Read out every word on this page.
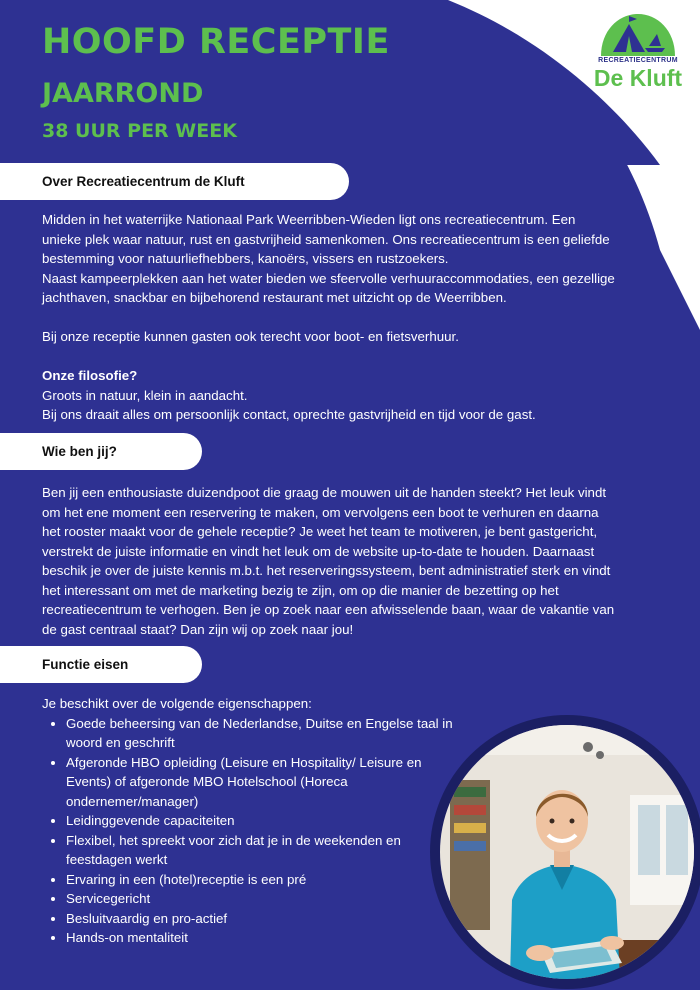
HOOFD RECEPTIE
JAARROND
38 UUR PER WEEK
RECREATIECENTRUM
De Kluft
Over Recreatiecentrum de Kluft

Midden in het waterrijke Nationaal Park Weerribben-Wieden ligt ons recreatiecentrum. Een

unieke plek waar natuur, rust en gastvrijheid samenkomen. Ons recreatiecentrum is een geliefde

bestemming voor natuurliefhebbers, kanoërs, vissers en rustzoekers.

Naast kampeerplekken aan het water bieden we sfeervolle verhuuraccommodaties, een gezellige

jachthaven, snackbar en bijbehorend restaurant met uitzicht op de Weerribben.

Bij onze receptie kunnen gasten ook terecht voor boot- en fietsverhuur.

Onze filosofie?

Groots in natuur, klein in aandacht.

Bij ons draait alles om persoonlijk contact, oprechte gastvrijheid en tijd voor de gast.

Wie ben jij?

Ben jij een enthousiaste duizendpoot die graag de mouwen uit de handen steekt? Het leuk vindt

om het ene moment een reservering te maken, om vervolgens een boot te verhuren en daarna

het rooster maakt voor de gehele receptie? Je weet het team te motiveren, je bent gastgericht,

verstrekt de juiste informatie en vindt het leuk om de website up-to-date te houden. Daarnaast

beschik je over de juiste kennis m.b.t. het reserveringssysteem, bent administratief sterk en vindt

het interessant om met de marketing bezig te zijn, om op die manier de bezetting op het

recreatiecentrum te verhogen. Ben je op zoek naar een afwisselende baan, waar de vakantie van

de gast centraal staat? Dan zijn wij op zoek naar jou!

Functie eisen
Je beschikt over de volgende eigenschappen:
• Goede beheersing van de Nederlandse, Duitse en Engelse taal in woord en geschrift
• Afgeronde HBO opleiding (Leisure en Hospitality/ Leisure en Events) of afgeronde MBO Hotelschool (Horeca ondernemer/manager)
• Leidinggevende capaciteiten
• Flexibel, het spreekt voor zich dat je in de weekenden en feestdagen werkt
• Ervaring in een (hotel)receptie is een pré
• Servicegericht
• Besluitvaardig en pro-actief
• Hands-on mentaliteit
